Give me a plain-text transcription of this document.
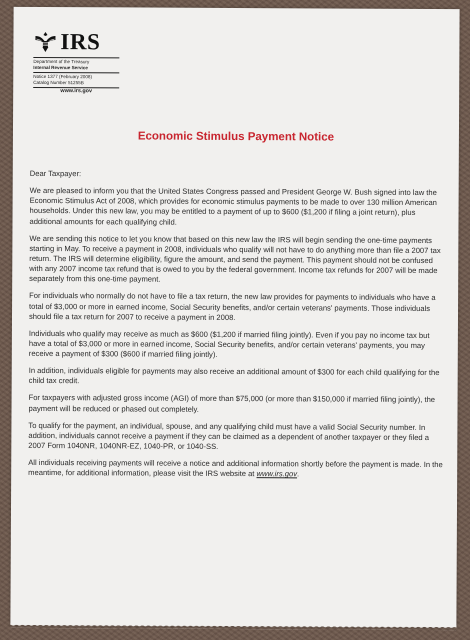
IRS
Department of the Treasury
Internal Revenue Service
Notice 1377 (February 2008)
Catalog Number 51255B
www.irs.gov
Economic Stimulus Payment Notice

Dear Taxpayer:

We are pleased to inform you that the United States Congress passed and President George W. Bush signed into law the Economic Stimulus Act of 2008, which provides for economic stimulus payments to be made to over 130 million American households. Under this new law, you may be entitled to a payment of up to $600 ($1,200 if filing a joint return), plus additional amounts for each qualifying child.

We are sending this notice to let you know that based on this new law the IRS will begin sending the one-time payments starting in May. To receive a payment in 2008, individuals who qualify will not have to do anything more than file a 2007 tax return. The IRS will determine eligibility, figure the amount, and send the payment. This payment should not be confused with any 2007 income tax refund that is owed to you by the federal government. Income tax refunds for 2007 will be made separately from this one-time payment.

For individuals who normally do not have to file a tax return, the new law provides for payments to individuals who have a total of $3,000 or more in earned income, Social Security benefits, and/or certain veterans' payments. Those individuals should file a tax return for 2007 to receive a payment in 2008.

Individuals who qualify may receive as much as $600 ($1,200 if married filing jointly). Even if you pay no income tax but have a total of $3,000 or more in earned income, Social Security benefits, and/or certain veterans' payments, you may receive a payment of $300 ($600 if married filing jointly).

In addition, individuals eligible for payments may also receive an additional amount of $300 for each child qualifying for the child tax credit.

For taxpayers with adjusted gross income (AGI) of more than $75,000 (or more than $150,000 if married filing jointly), the payment will be reduced or phased out completely.

To qualify for the payment, an individual, spouse, and any qualifying child must have a valid Social Security number. In addition, individuals cannot receive a payment if they can be claimed as a dependent of another taxpayer or they filed a 2007 Form 1040NR, 1040NR-EZ, 1040-PR, or 1040-SS.

All individuals receiving payments will receive a notice and additional information shortly before the payment is made. In the meantime, for additional information, please visit the IRS website at www.irs.gov.
